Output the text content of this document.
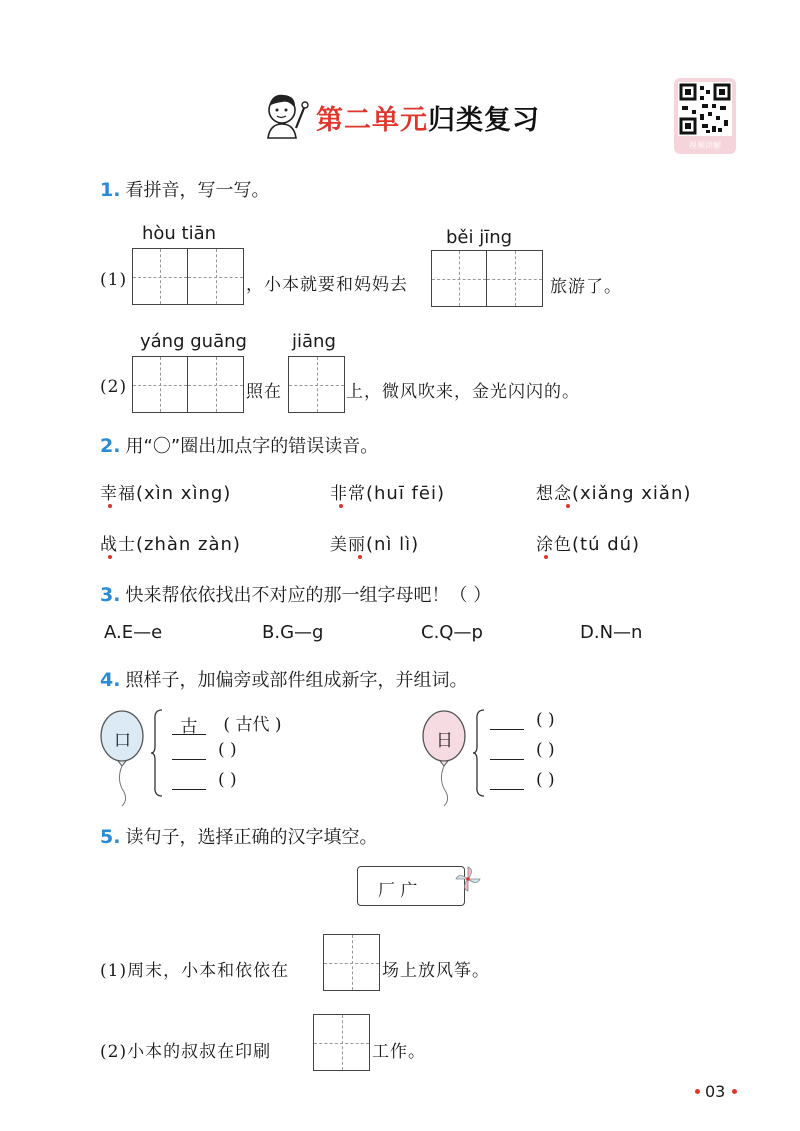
第二单元归类复习
视频讲解
1. 看拼音，写一写。
hòu tiān	běi jīng
(1)	，小本就要和妈妈去	旅游了。
yáng guāng	jiāng
(2)	照在	上，微风吹来，金光闪闪的。
2. 用“〇”圈出加点字的错误读音。
幸福(xìn xìng)	非常(huī fēi)	想念(xiǎng xiǎn)
战士(zhàn zàn)	美丽(nì lì)	涂色(tú dú)
3. 快来帮依依找出不对应的那一组字母吧！（ ）
A.E—e	B.G—g	C.Q—p	D.N—n
4. 照样子，加偏旁或部件组成新字，并组词。
口
古 ( 古代 )
( )
( )
日
( )
( )
( )
5. 读句子，选择正确的汉字填空。
厂 广
(1)周末，小本和依依在	场上放风筝。
(2)小本的叔叔在印刷	工作。
03
